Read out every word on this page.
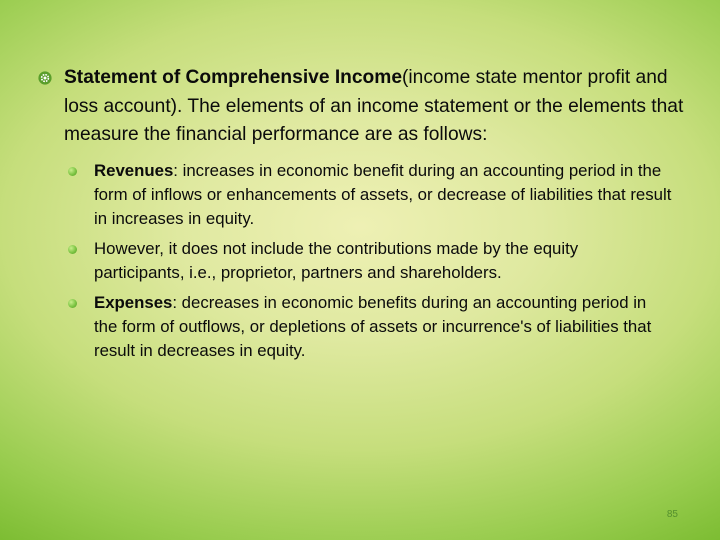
Statement of Comprehensive Income(income state mentor profit and loss account). The elements of an income statement or the elements that measure the financial performance are as follows:
Revenues: increases in economic benefit during an accounting period in the form of inflows or enhancements of assets, or decrease of liabilities that result in increases in equity.
However, it does not include the contributions made by the equity participants, i.e., proprietor, partners and shareholders.
Expenses: decreases in economic benefits during an accounting period in the form of outflows, or depletions of assets or incurrence's of liabilities that result in decreases in equity.
85
